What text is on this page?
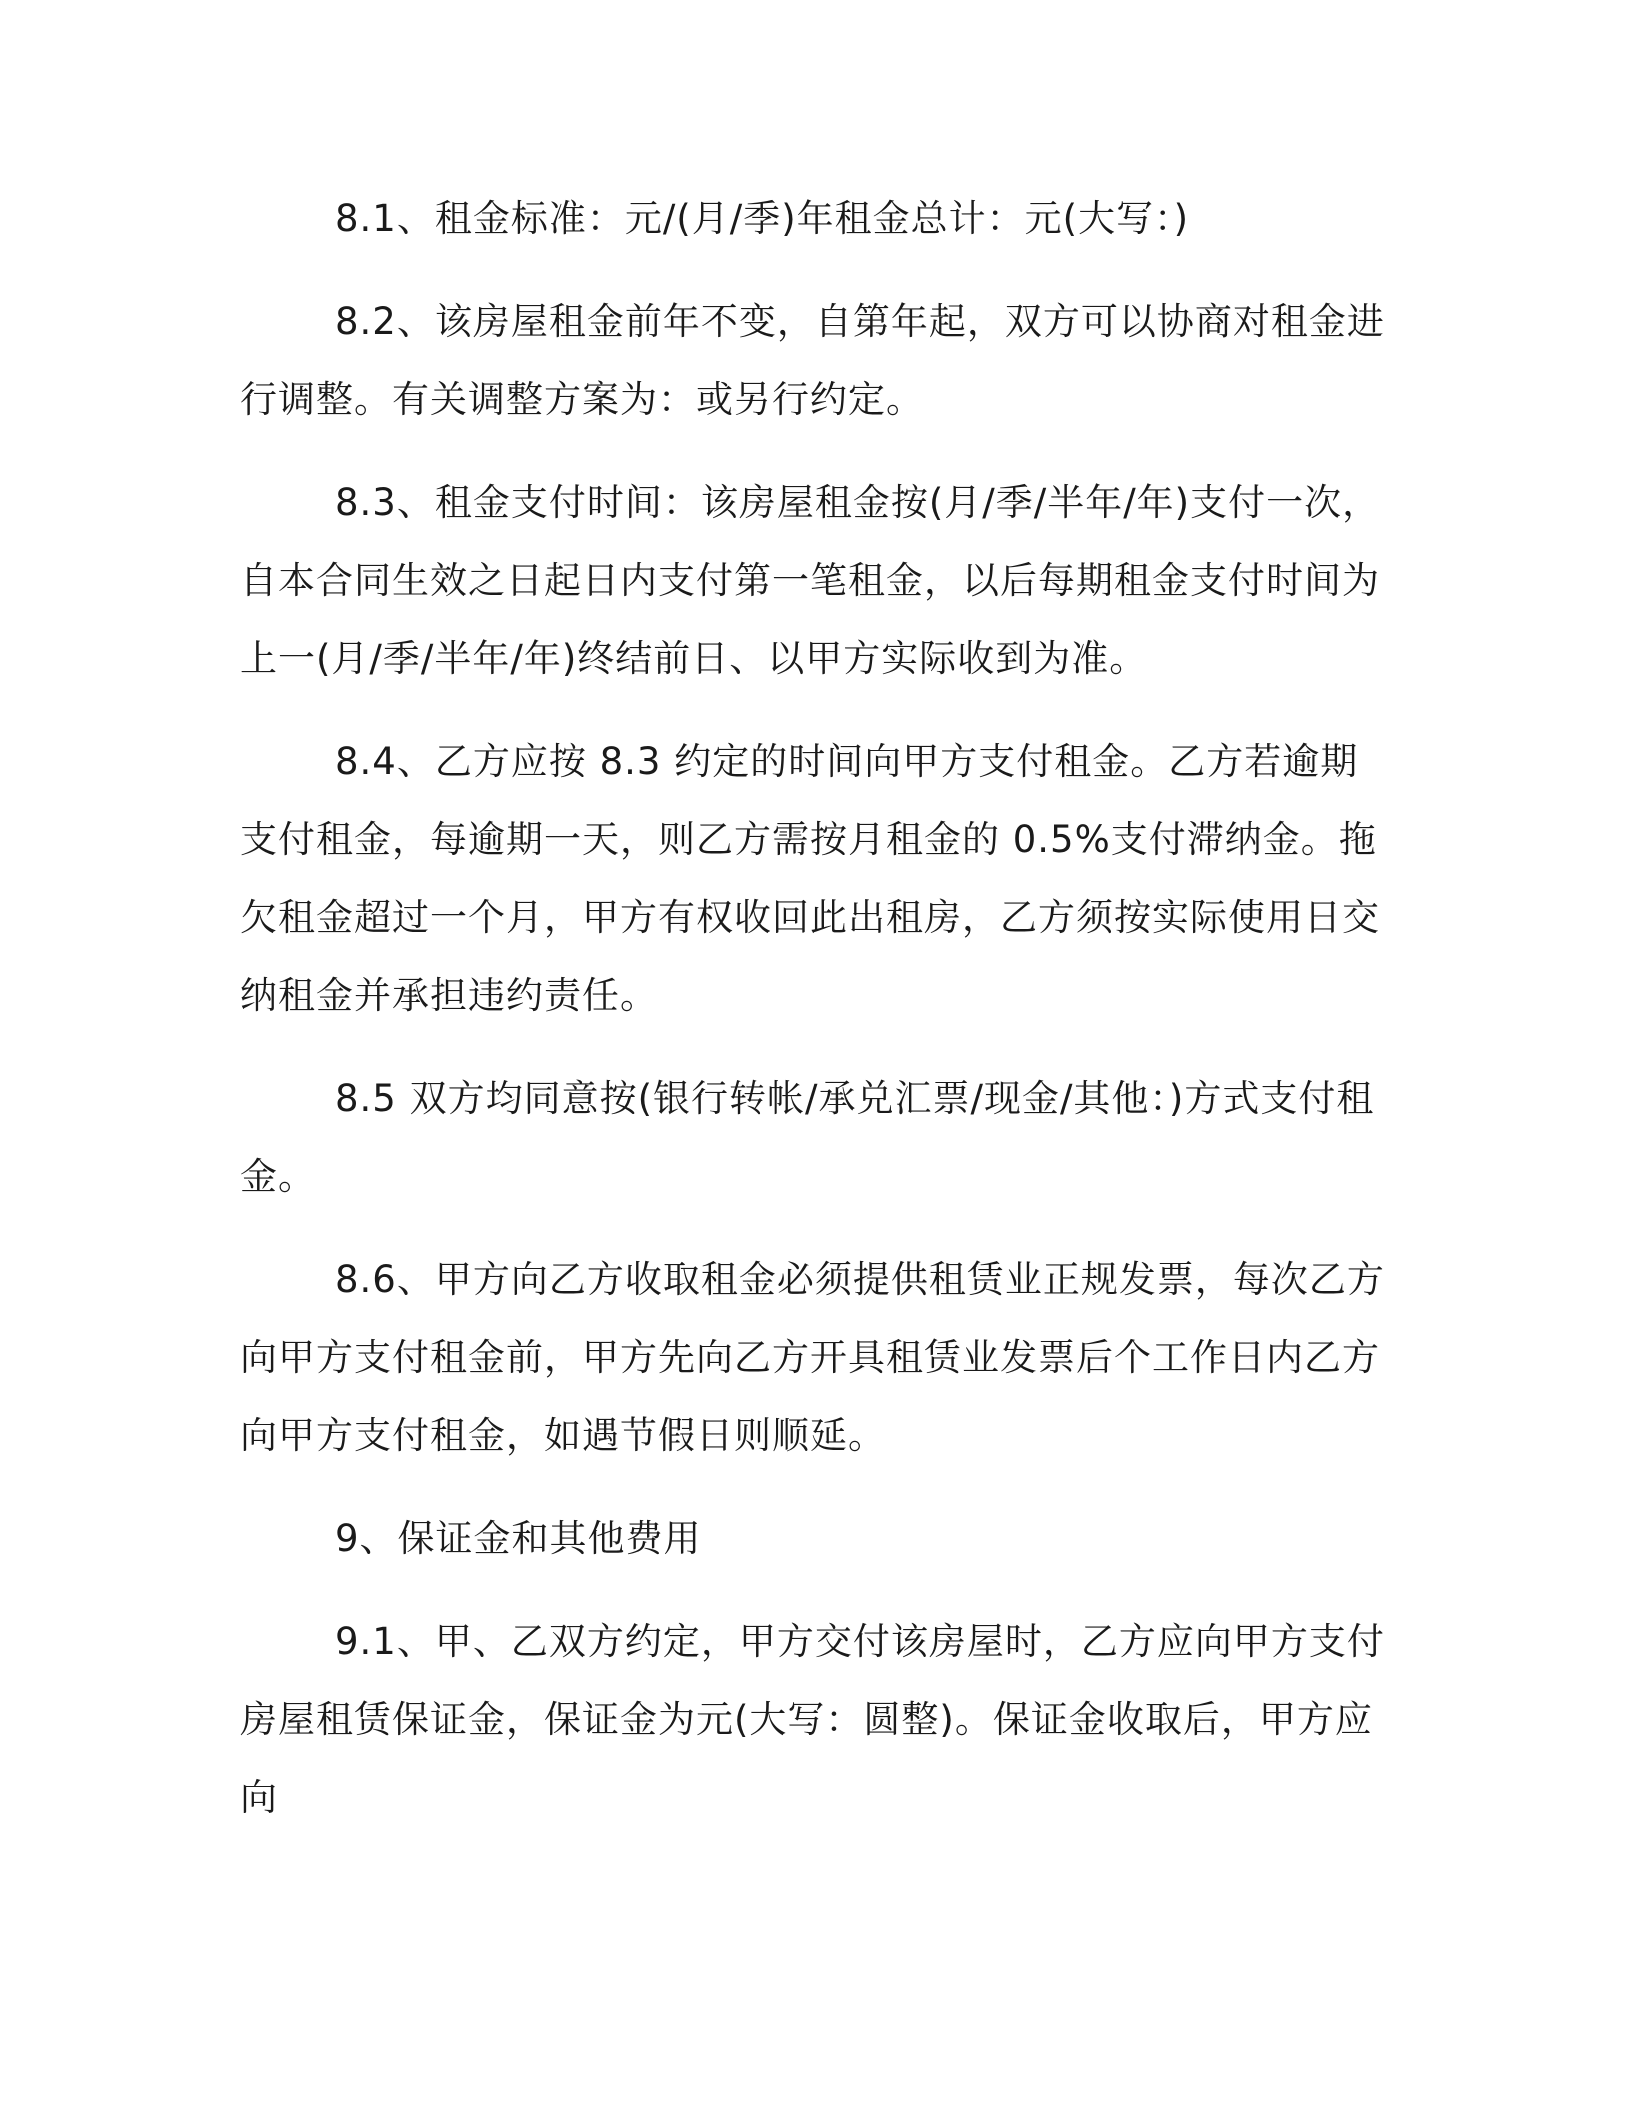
8.1、租金标准：元/(月/季)年租金总计：元(大写：)

8.2、该房屋租金前年不变，自第年起，双方可以协商对租金进行调整。有关调整方案为：或另行约定。

8.3、租金支付时间：该房屋租金按(月/季/半年/年)支付一次，自本合同生效之日起日内支付第一笔租金，以后每期租金支付时间为上一(月/季/半年/年)终结前日、以甲方实际收到为准。

8.4、乙方应按 8.3 约定的时间向甲方支付租金。乙方若逾期支付租金，每逾期一天，则乙方需按月租金的 0.5%支付滞纳金。拖欠租金超过一个月，甲方有权收回此出租房，乙方须按实际使用日交纳租金并承担违约责任。

8.5 双方均同意按(银行转帐/承兑汇票/现金/其他：)方式支付租金。

8.6、甲方向乙方收取租金必须提供租赁业正规发票，每次乙方向甲方支付租金前，甲方先向乙方开具租赁业发票后个工作日内乙方向甲方支付租金，如遇节假日则顺延。

9、保证金和其他费用

9.1、甲、乙双方约定，甲方交付该房屋时，乙方应向甲方支付房屋租赁保证金，保证金为元(大写：圆整)。保证金收取后，甲方应向
